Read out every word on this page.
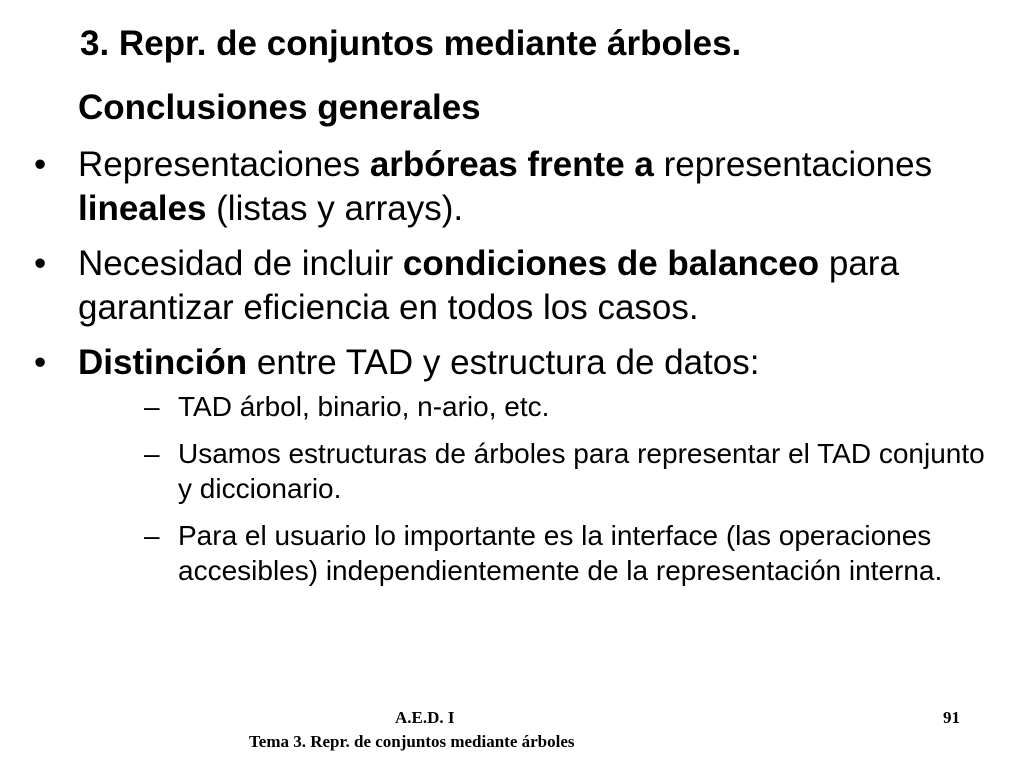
3. Repr. de conjuntos mediante árboles.
Conclusiones generales
• Representaciones arbóreas frente a representaciones lineales (listas y arrays).
• Necesidad de incluir condiciones de balanceo para garantizar eficiencia en todos los casos.
• Distinción entre TAD y estructura de datos:
– TAD árbol, binario, n-ario, etc.
– Usamos estructuras de árboles para representar el TAD conjunto y diccionario.
– Para el usuario lo importante es la interface (las operaciones accesibles) independientemente de la representación interna.
A.E.D. I	91
Tema 3. Repr. de conjuntos mediante árboles
